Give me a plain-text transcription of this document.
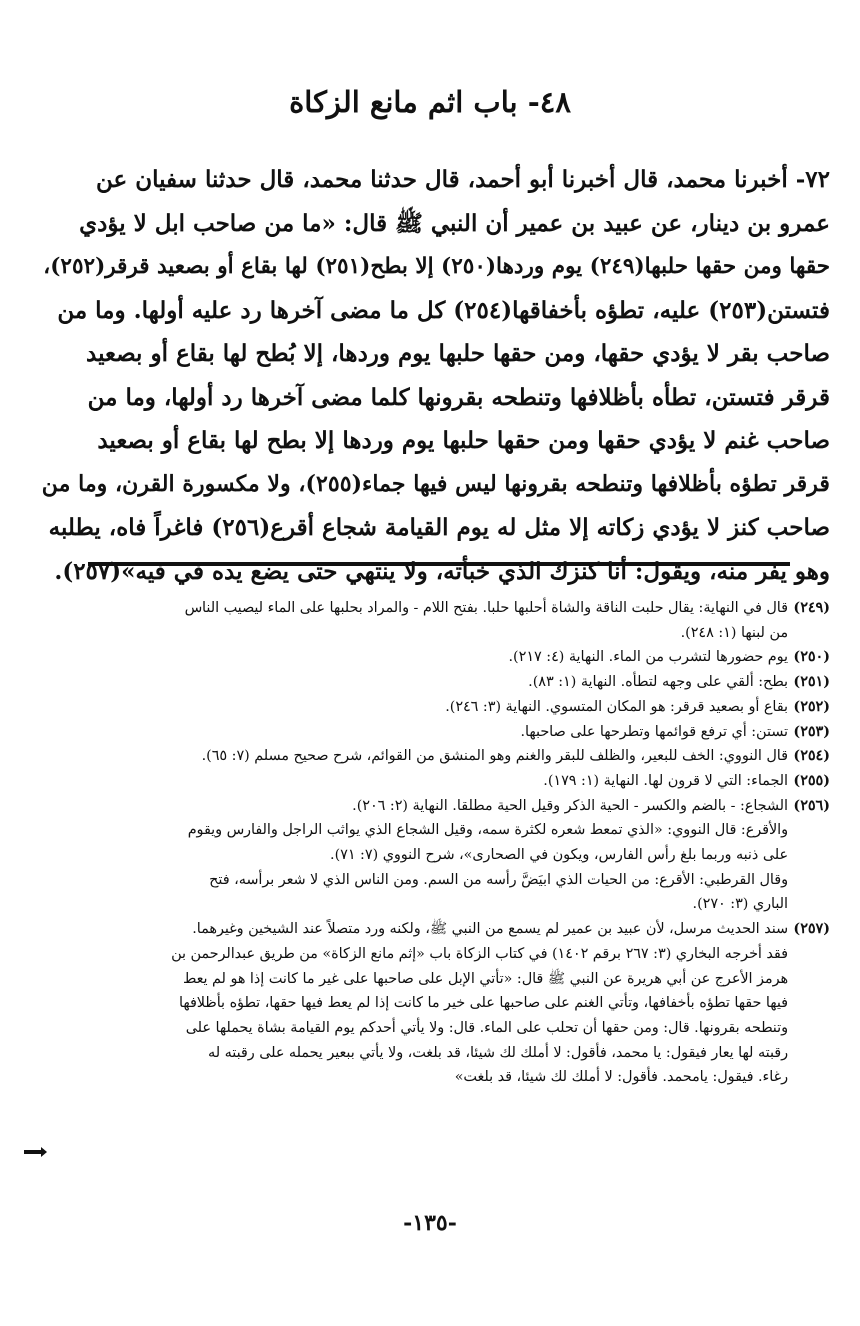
٤٨- باب اثم مانع الزكاة
٧٢- أخبرنا محمد، قال أخبرنا أبو أحمد، قال حدثنا محمد، قال حدثنا سفيان عن
عمرو بن دينار، عن عبيد بن عمير أن النبي ﷺ قال: «ما من صاحب ابل لا يؤدي
حقها ومن حقها حلبها(٢٤٩) يوم وردها(٢٥٠) إلا بطح(٢٥١) لها بقاع أو بصعيد قرقر(٢٥٢)،
فتستن(٢٥٣) عليه، تطؤه بأخفاقها(٢٥٤) كل ما مضى آخرها رد عليه أولها. وما من
صاحب بقر لا يؤدي حقها، ومن حقها حلبها يوم وردها، إلا بُطح لها بقاع أو بصعيد
قرقر فتستن، تطأه بأظلافها وتنطحه بقرونها كلما مضى آخرها رد أولها، وما من
صاحب غنم لا يؤدي حقها ومن حقها حلبها يوم وردها إلا بطح لها بقاع أو بصعيد
قرقر تطؤه بأظلافها وتنطحه بقرونها ليس فيها جماء(٢٥٥)، ولا مكسورة القرن، وما من
صاحب كنز لا يؤدي زكاته إلا مثل له يوم القيامة شجاع أقرع(٢٥٦) فاغراً فاه، يطلبه
وهو يفر منه، ويقول: أنا كنزك الذي خبأته، ولا ينتهي حتى يضع يده في فيه»(٢٥٧).
(٢٤٩)
قال في النهاية: يقال حلبت الناقة والشاة أحلبها حلبا. بفتح اللام - والمراد بحلبها على الماء ليصيب الناس
من لبنها (١: ٢٤٨).
(٢٥٠)
يوم حضورها لتشرب من الماء. النهاية (٤: ٢١٧).
(٢٥١)
بطح: ألقي على وجهه لتطأه. النهاية (١: ٨٣).
(٢٥٢)
بقاع أو بصعيد قرقر: هو المكان المتسوي. النهاية (٣: ٢٤٦).
(٢٥٣)
تستن: أي ترفع قوائمها وتطرحها على صاحبها.
(٢٥٤)
قال النووي: الخف للبعير، والظلف للبقر والغنم وهو المنشق من القوائم، شرح صحيح مسلم (٧: ٦٥).
(٢٥٥)
الجماء: التي لا قرون لها. النهاية (١: ١٧٩).
(٢٥٦)
الشجاع: - بالضم والكسر - الحية الذكر وقيل الحية مطلقا. النهاية (٢: ٢٠٦).
والأقرع: قال النووي: «الذي تمعط شعره لكثرة سمه، وقيل الشجاع الذي يواثب الراجل والفارس ويقوم
على ذنبه وربما بلغ رأس الفارس، ويكون في الصحارى»، شرح النووي (٧: ٧١).
وقال القرطبي: الأقرع: من الحيات الذي ابيَضَّ رأسه من السم. ومن الناس الذي لا شعر برأسه، فتح
الباري (٣: ٢٧٠).
(٢٥٧)
سند الحديث مرسل، لأن عبيد بن عمير لم يسمع من النبي ﷺ، ولكنه ورد متصلاً عند الشيخين وغيرهما.
فقد أخرجه البخاري (٣: ٢٦٧ برقم ١٤٠٢) في كتاب الزكاة باب «إثم مانع الزكاة» من طريق عبدالرحمن بن
هرمز الأعرج عن أبي هريرة عن النبي ﷺ قال: «تأتي الإبل على صاحبها على غير ما كانت إذا هو لم يعط
فيها حقها تطؤه بأخفافها، وتأتي الغنم على صاحبها على خير ما كانت إذا لم يعط فيها حقها، تطؤه بأظلافها
وتنطحه بقرونها. قال: ومن حقها أن تحلب على الماء. قال: ولا يأتي أحدكم يوم القيامة بشاة يحملها على
رقبته لها يعار فيقول: يا محمد، فأقول: لا أملك لك شيئا، قد بلغت، ولا يأتي ببعير يحمله على رقبته له
رغاء. فيقول: يامحمد. فأقول: لا أملك لك شيئا، قد بلغت»
-١٣٥-
